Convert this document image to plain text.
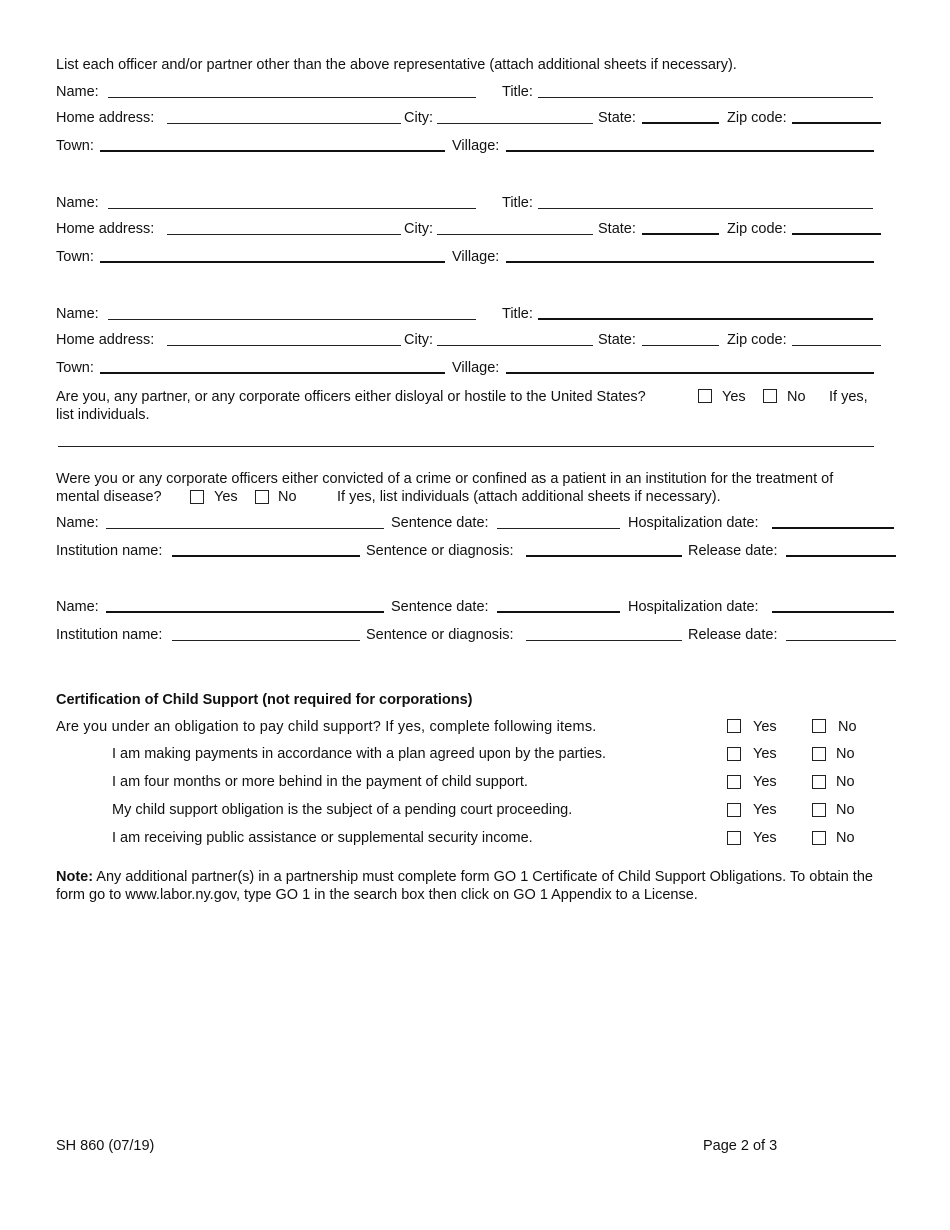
List each officer and/or partner other than the above representative (attach additional sheets if necessary).
Name:	Title:
Home address:	City:	State:	Zip code:
Town:	Village:
Name:	Title:
Home address:	City:	State:	Zip code:
Town:	Village:
Name:	Title:
Home address:	City:	State:	Zip code:
Town:	Village:
Are you, any partner, or any corporate officers either disloyal or hostile to the United States?	Yes	No If yes,
list individuals.
Were you or any corporate officers either convicted of a crime or confined as a patient in an institution for the treatment of
mental disease?	Yes	No	If yes, list individuals (attach additional sheets if necessary).
Name:	Sentence date:	Hospitalization date:
Institution name:	Sentence or diagnosis:	Release date:
Name:	Sentence date:	Hospitalization date:
Institution name:	Sentence or diagnosis:	Release date:
Certification of Child Support (not required for corporations)
Are you under an obligation to pay child support? If yes, complete following items.	Yes	No
I am making payments in accordance with a plan agreed upon by the parties.	Yes	No
I am four months or more behind in the payment of child support.	Yes	No
My child support obligation is the subject of a pending court proceeding.	Yes	No
I am receiving public assistance or supplemental security income.	Yes	No
Note: Any additional partner(s) in a partnership must complete form GO 1 Certificate of Child Support Obligations. To obtain the form go to www.labor.ny.gov, type GO 1 in the search box then click on GO 1 Appendix to a License.
SH 860 (07/19)	Page 2 of 3
